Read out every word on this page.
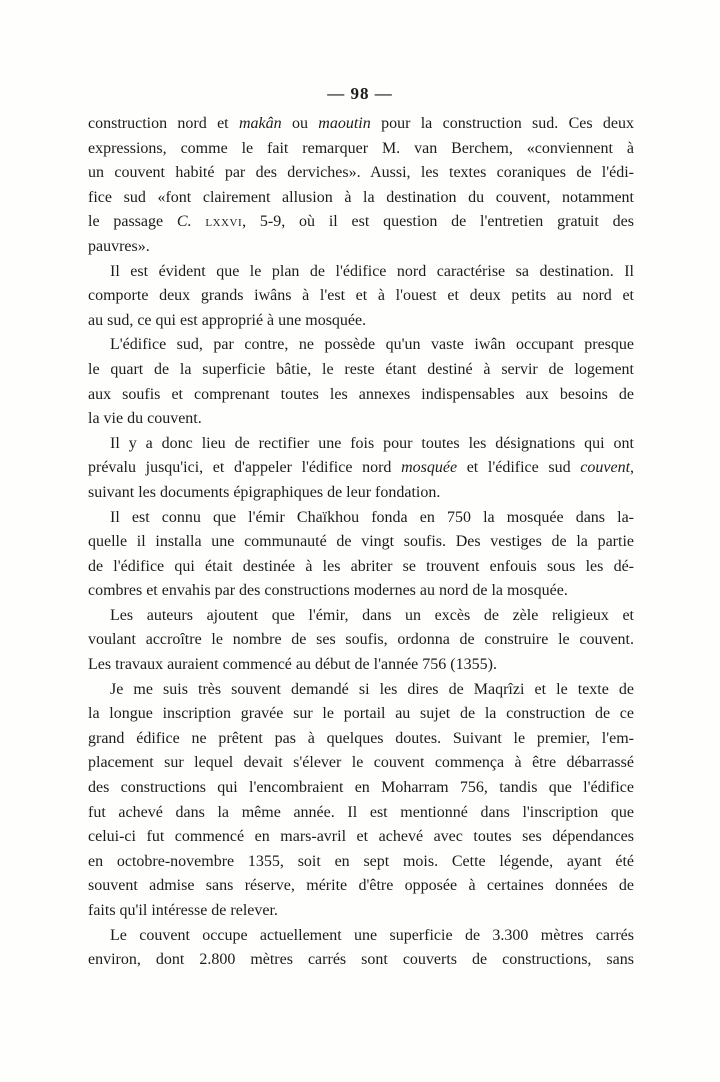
— 98 —
construction nord et makân ou maoutin pour la construction sud. Ces deux
expressions, comme le fait remarquer M. van Berchem, «conviennent à
un couvent habité par des derviches». Aussi, les textes coraniques de l'édi-
fice sud «font clairement allusion à la destination du couvent, notamment
le passage C. lxxvi, 5-9, où il est question de l'entretien gratuit des
pauvres».
Il est évident que le plan de l'édifice nord caractérise sa destination. Il
comporte deux grands iwâns à l'est et à l'ouest et deux petits au nord et
au sud, ce qui est approprié à une mosquée.
L'édifice sud, par contre, ne possède qu'un vaste iwân occupant presque
le quart de la superficie bâtie, le reste étant destiné à servir de logement
aux soufis et comprenant toutes les annexes indispensables aux besoins de
la vie du couvent.
Il y a donc lieu de rectifier une fois pour toutes les désignations qui ont
prévalu jusqu'ici, et d'appeler l'édifice nord mosquée et l'édifice sud couvent,
suivant les documents épigraphiques de leur fondation.
Il est connu que l'émir Chaïkhou fonda en 750 la mosquée dans la-
quelle il installa une communauté de vingt soufis. Des vestiges de la partie
de l'édifice qui était destinée à les abriter se trouvent enfouis sous les dé-
combres et envahis par des constructions modernes au nord de la mosquée.
Les auteurs ajoutent que l'émir, dans un excès de zèle religieux et
voulant accroître le nombre de ses soufis, ordonna de construire le couvent.
Les travaux auraient commencé au début de l'année 756 (1355).
Je me suis très souvent demandé si les dires de Maqrîzi et le texte de
la longue inscription gravée sur le portail au sujet de la construction de ce
grand édifice ne prêtent pas à quelques doutes. Suivant le premier, l'em-
placement sur lequel devait s'élever le couvent commença à être débarrassé
des constructions qui l'encombraient en Moharram 756, tandis que l'édifice
fut achevé dans la même année. Il est mentionné dans l'inscription que
celui-ci fut commencé en mars-avril et achevé avec toutes ses dépendances
en octobre-novembre 1355, soit en sept mois. Cette légende, ayant été
souvent admise sans réserve, mérite d'être opposée à certaines données de
faits qu'il intéresse de relever.
Le couvent occupe actuellement une superficie de 3.300 mètres carrés
environ, dont 2.800 mètres carrés sont couverts de constructions, sans
